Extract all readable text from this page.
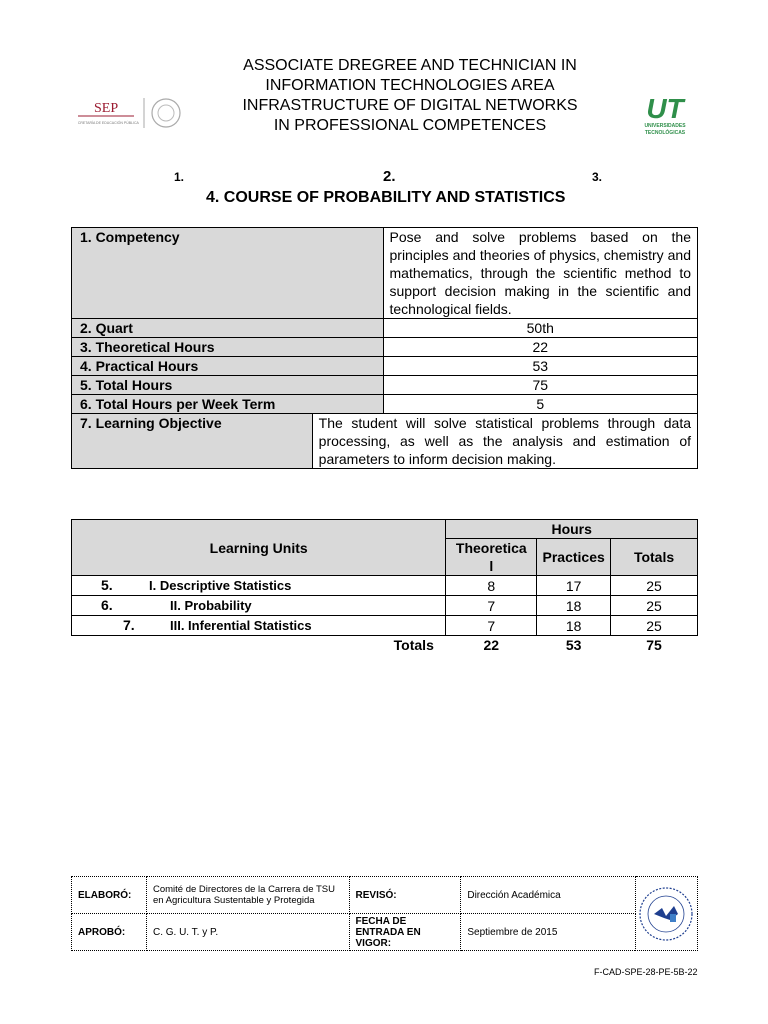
ASSOCIATE DREGREE AND TECHNICIAN IN
INFORMATION TECHNOLOGIES AREA
INFRASTRUCTURE OF DIGITAL NETWORKS
IN PROFESSIONAL COMPETENCES
SEP
SECRETARÍA DE EDUCACIÓN PÚBLICA	UT
UNIVERSIDADES
TECNOLÓGICAS
1.	2.	3.
4. COURSE OF PROBABILITY AND STATISTICS
1. Competency		Pose and solve problems based on the principles and theories of physics, chemistry and mathematics, through the scientific method to support decision making in the scientific and technological fields.
2. Quart		50th
3. Theoretical Hours		22
4. Practical Hours		53
5. Total Hours		75
6. Total Hours per Week Term		5
7. Learning Objective	The student will solve statistical problems through data processing, as well as the analysis and estimation of parameters to inform decision making.	
Learning Units	Hours		
	Theoretical	Practices	Totals
5. I. Descriptive Statistics	8	17	25
6. II. Probability	7	18	25
7. III. Inferential Statistics	7	18	25
Totals	22	53	75
ELABORÓ:	Comité de Directores de la Carrera de TSU en Agricultura Sustentable y Protegida	REVISÓ:	Dirección Académica	

APROBÓ:	C. G. U. T. y P.	FECHA DE ENTRADA EN VIGOR:	Septiembre de 2015	
F-CAD-SPE-28-PE-5B-22
